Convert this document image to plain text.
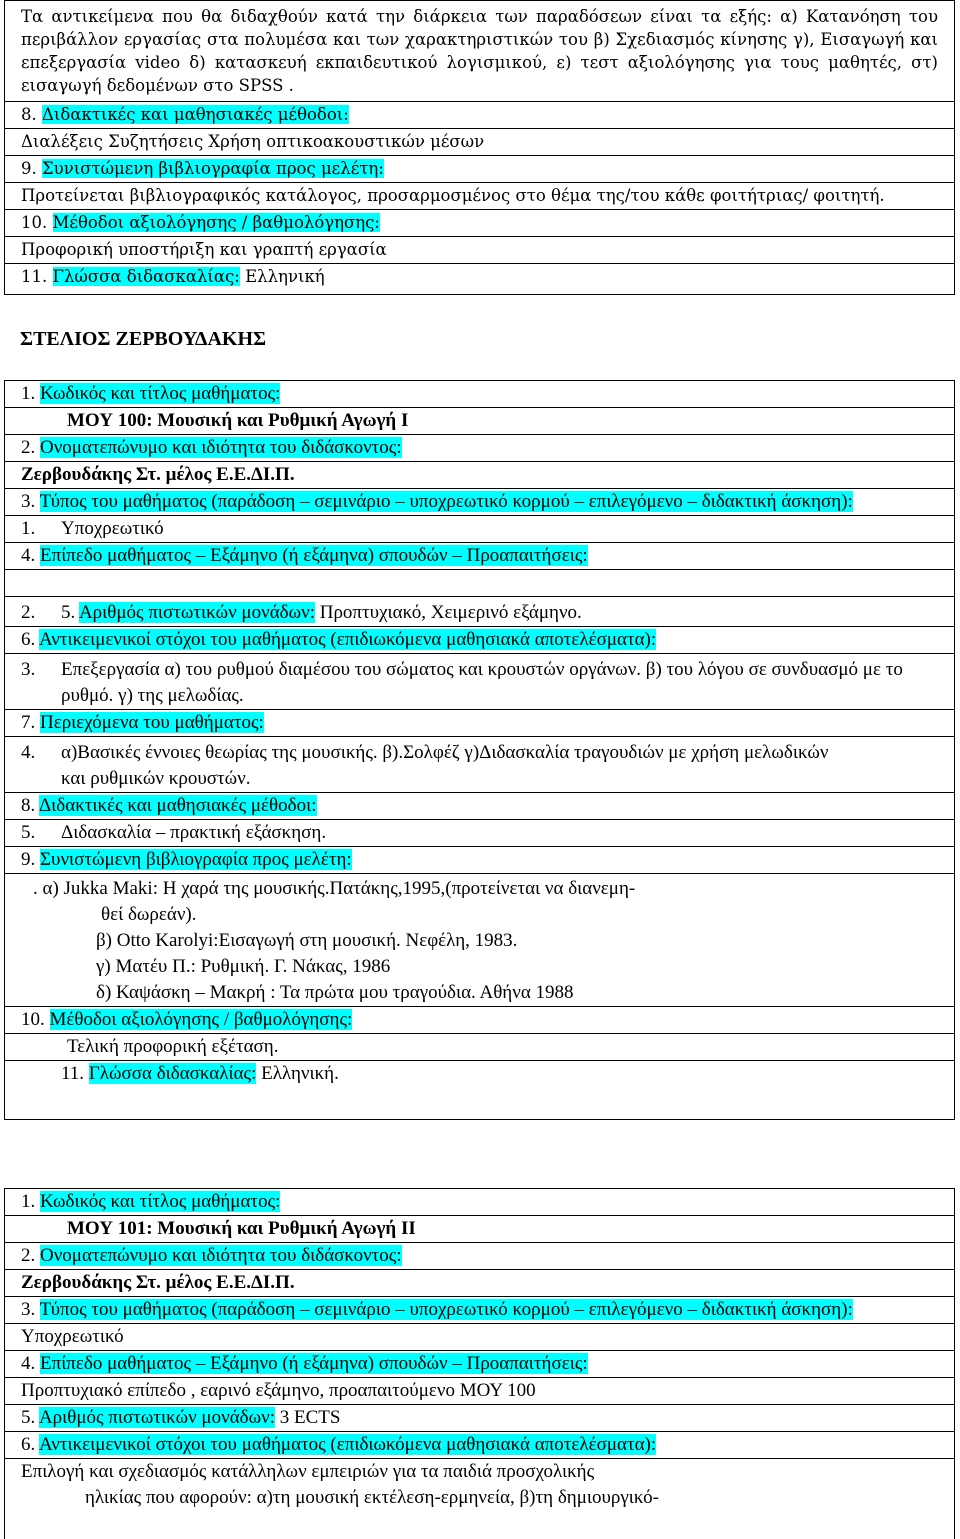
Τα αντικείμενα που θα διδαχθούν κατά την διάρκεια των παραδόσεων είναι τα εξής: α) Κατανόηση του περιβάλλον εργασίας στα πολυμέσα και των χαρακτηριστικών του β) Σχεδιασμός κίνησης γ), Εισαγωγή και επεξεργασία video δ) κατασκευή εκπαιδευτικού λογισμικού, ε) τεστ αξιολόγησης για τους μαθητές, στ) εισαγωγή δεδομένων στο SPSS .
8. Διδακτικές και μαθησιακές μέθοδοι:
Διαλέξεις Συζητήσεις Χρήση οπτικοακουστικών μέσων
9. Συνιστώμενη βιβλιογραφία προς μελέτη:
Προτείνεται βιβλιογραφικός κατάλογος, προσαρμοσμένος στο θέμα της/του κάθε φοιτήτριας/ φοιτητή.
10. Μέθοδοι αξιολόγησης / βαθμολόγησης:
Προφορική υποστήριξη και γραπτή εργασία
11. Γλώσσα διδασκαλίας: Ελληνική
ΣΤΕΛΙΟΣ ΖΕΡΒΟΥΔΑΚΗΣ
1. Κωδικός και τίτλος μαθήματος:
ΜΟΥ 100: Μουσική και Ρυθμική Αγωγή Ι
2. Ονοματεπώνυμο και ιδιότητα του διδάσκοντος:
Ζερβουδάκης Στ. μέλος Ε.Ε.ΔΙ.Π.
3. Τύπος του μαθήματος (παράδοση – σεμινάριο – υποχρεωτικό κορμού – επιλεγόμενο – διδακτική άσκηση):
1. Υποχρεωτικό
4. Επίπεδο μαθήματος – Εξάμηνο (ή εξάμηνα) σπουδών – Προαπαιτήσεις:
2. 5. Αριθμός πιστωτικών μονάδων: Προπτυχιακό, Χειμερινό εξάμηνο.
6. Αντικειμενικοί στόχοι του μαθήματος (επιδιωκόμενα μαθησιακά αποτελέσματα):
3. Επεξεργασία α) του ρυθμού διαμέσου του σώματος και κρουστών οργάνων. β) του λόγου σε συνδυασμό με το ρυθμό. γ) της μελωδίας.
7. Περιεχόμενα του μαθήματος:
4. α)Βασικές έννοιες θεωρίας της μουσικής. β).Σολφέζ γ)Διδασκαλία τραγουδιών με χρήση μελωδικών και ρυθμικών κρουστών.
8. Διδακτικές και μαθησιακές μέθοδοι:
5. Διδασκαλία – πρακτική εξάσκηση.
9. Συνιστώμενη βιβλιογραφία προς μελέτη:
. α) Jukka Maki: Η χαρά της μουσικής.Πατάκης,1995,(προτείνεται να διανεμη-
θεί δωρεάν).
β) Otto Karolyi:Εισαγωγή στη μουσική. Νεφέλη, 1983.
γ) Ματέυ Π.: Ρυθμική. Γ. Νάκας, 1986
δ) Καψάσκη – Μακρή : Τα πρώτα μου τραγούδια. Αθήνα 1988
10. Μέθοδοι αξιολόγησης / βαθμολόγησης:
Τελική προφορική εξέταση.
11. Γλώσσα διδασκαλίας: Ελληνική.
1. Κωδικός και τίτλος μαθήματος:
ΜΟΥ 101: Μουσική και Ρυθμική Αγωγή ΙΙ
2. Ονοματεπώνυμο και ιδιότητα του διδάσκοντος:
Ζερβουδάκης Στ. μέλος Ε.Ε.ΔΙ.Π.
3. Τύπος του μαθήματος (παράδοση – σεμινάριο – υποχρεωτικό κορμού – επιλεγόμενο – διδακτική άσκηση):
Υποχρεωτικό
4. Επίπεδο μαθήματος – Εξάμηνο (ή εξάμηνα) σπουδών – Προαπαιτήσεις:
Προπτυχιακό επίπεδο , εαρινό εξάμηνο, προαπαιτούμενο ΜΟΥ 100
5. Αριθμός πιστωτικών μονάδων: 3 ECTS
6. Αντικειμενικοί στόχοι του μαθήματος (επιδιωκόμενα μαθησιακά αποτελέσματα):
Επιλογή και σχεδιασμός κατάλληλων εμπειριών για τα παιδιά προσχολικής
ηλικίας που αφορούν: α)τη μουσική εκτέλεση-ερμηνεία, β)τη δημιουργικό-
